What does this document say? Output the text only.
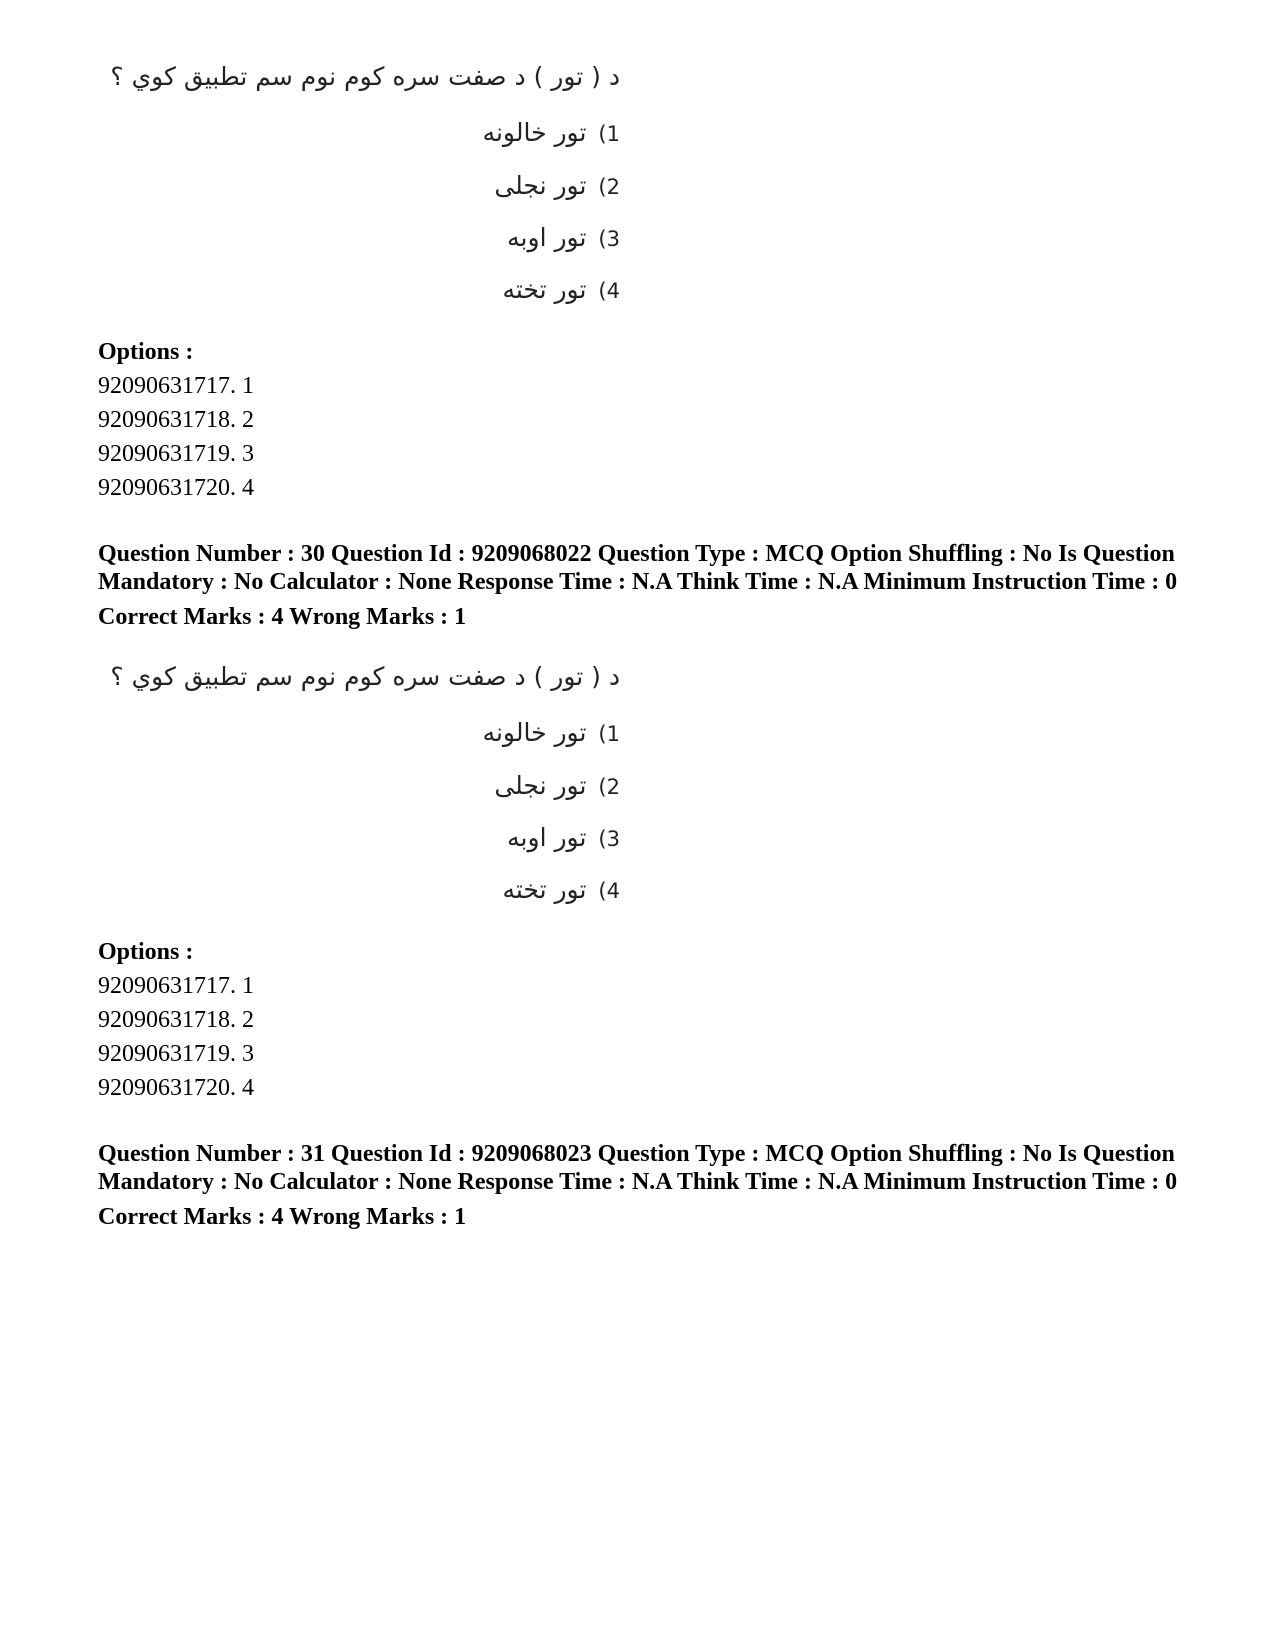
د ( تور ) د صفت سره کوم نوم سم تطبيق کوي ؟
1)تور خالونه
2)تور نجلی
3)تور اوبه
4)تور تخته
Options :
92090631717. 1
92090631718. 2
92090631719. 3
92090631720. 4
Question Number : 30 Question Id : 9209068022 Question Type : MCQ Option Shuffling : No Is Question Mandatory : No Calculator : None Response Time : N.A Think Time : N.A Minimum Instruction Time : 0
Correct Marks : 4 Wrong Marks : 1
د ( تور ) د صفت سره کوم نوم سم تطبيق کوي ؟
1)تور خالونه
2)تور نجلی
3)تور اوبه
4)تور تخته
Options :
92090631717. 1
92090631718. 2
92090631719. 3
92090631720. 4
Question Number : 31 Question Id : 9209068023 Question Type : MCQ Option Shuffling : No Is Question Mandatory : No Calculator : None Response Time : N.A Think Time : N.A Minimum Instruction Time : 0
Correct Marks : 4 Wrong Marks : 1
